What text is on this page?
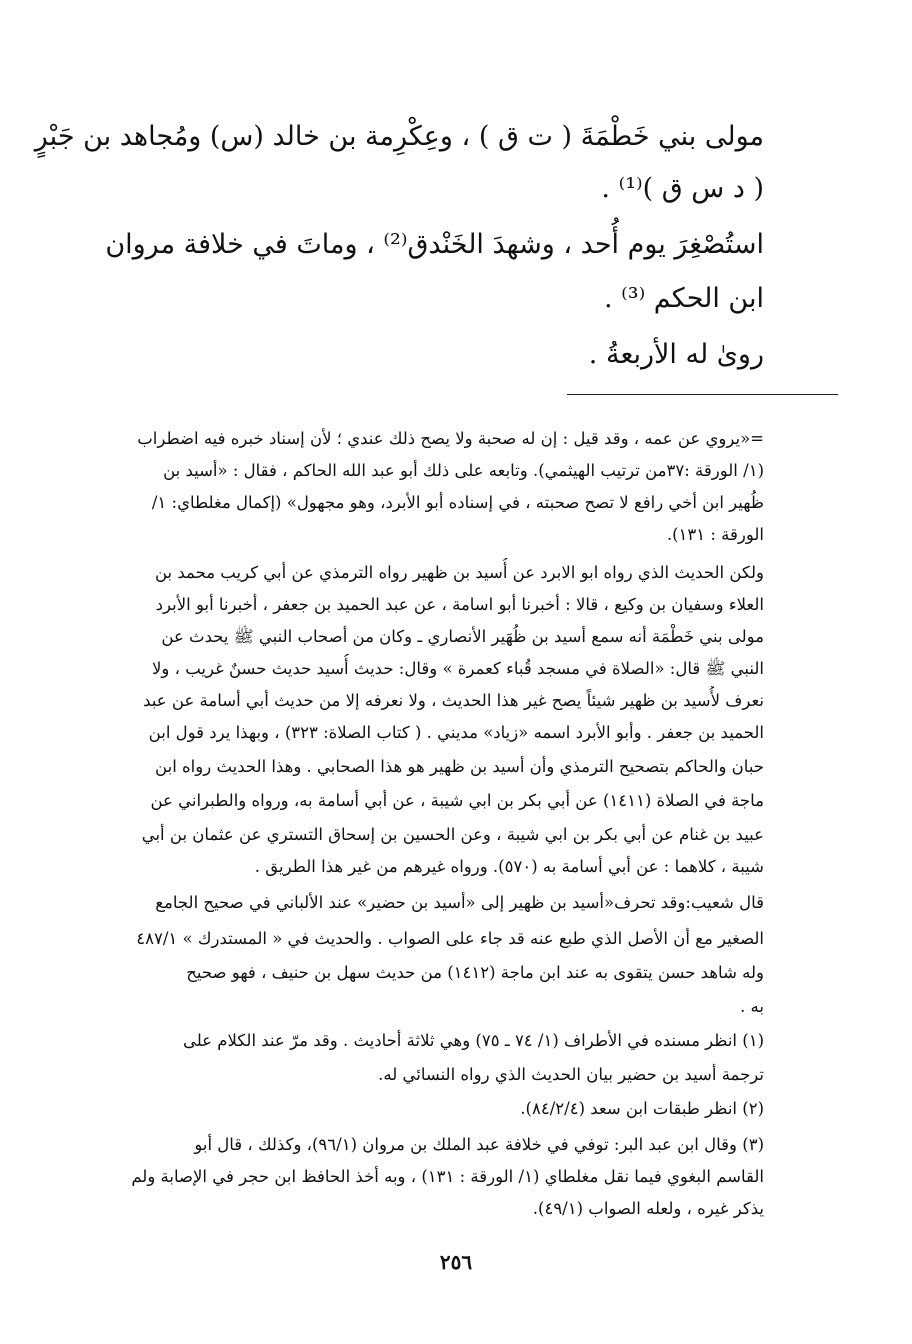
مولى بني خَطْمَةَ ( ت ق ) ، وعِكْرِمة بن خالد (س) ومُجاهد بن جَبْرٍ

( د س ق )⁽¹⁾ .

استُصْغِرَ يوم أُحد ، وشهدَ الخَنْدق⁽²⁾ ، وماتَ في خلافة مروان

ابن الحكم ⁽³⁾ .

روىٰ له الأربعةُ .

=«يروي عن عمه ، وقد قيل : إن له صحبة ولا يصح ذلك عندي ؛ لأن إسناد خبره فيه اضطراب
(١/ الورقة :٣٧من ترتيب الهيثمي). وتابعه على ذلك أبو عبد الله الحاكم ، فقال : «أسيد بن
ظُهير ابن أخي رافع لا تصح صحبته ، في إسناده أبو الأبرد، وهو مجهول» (إكمال مغلطاي: ١/
الورقة : ١٣١).
ولكن الحديث الذي رواه ابو الابرد عن أُسيد بن ظهير رواه الترمذي عن أبي كريب محمد بن
العلاء وسفيان بن وكيع ، قالا : أخبرنا أبو اسامة ، عن عبد الحميد بن جعفر ، أخبرنا أبو الأبرد
مولى بني خَطْمَة أنه سمع أسيد بن ظُهَير الأنصاري ـ وكان من أصحاب النبي ﷺ يحدث عن
النبي ﷺ قال: «الصلاة في مسجد قُباء كعمرة » وقال: حديث أُسيد حديث حسنٌ غريب ، ولا
نعرف لأُسيد بن ظهير شيئاً يصح غير هذا الحديث ، ولا نعرفه إلا من حديث أبي أسامة عن عبد
الحميد بن جعفر . وأبو الأبرد اسمه «زياد» مديني . ( كتاب الصلاة: ٣٢٣) ، وبهذا يرد قول ابن
حبان والحاكم بتصحيح الترمذي وأن أسيد بن ظهير هو هذا الصحابي . وهذا الحديث رواه ابن
ماجة في الصلاة (١٤١١) عن أبي بكر بن ابي شيبة ، عن أبي أسامة به، ورواه والطبراني عن
عبيد بن غنام عن أبي بكر بن ابي شيبة ، وعن الحسين بن إسحاق التستري عن عثمان بن أبي
شيبة ، كلاهما : عن أبي أسامة به (٥٧٠). ورواه غيرهم من غير هذا الطريق .
قال شعيب:وقد تحرف«أسيد بن ظهير إلى «أسيد بن حضير» عند الألباني في صحيح الجامع
الصغير مع أن الأصل الذي طبع عنه قد جاء على الصواب . والحديث في « المستدرك » ٤٨٧/١
وله شاهد حسن يتقوى به عند ابن ماجة (١٤١٢) من حديث سهل بن حنيف ، فهو صحيح
به .
(١) انظر مسنده في الأطراف (١/ ٧٤ ـ ٧٥) وهي ثلاثة أحاديث . وقد مرّ عند الكلام على
ترجمة أسيد بن حضير بيان الحديث الذي رواه النسائي له.
(٢) انظر طبقات ابن سعد (٨٤/٢/٤).
(٣) وقال ابن عبد البر: توفي في خلافة عبد الملك بن مروان (٩٦/١)، وكذلك ، قال أبو
القاسم البغوي فيما نقل مغلطاي (١/ الورقة : ١٣١) ، وبه أخذ الحافظ ابن حجر في الإصابة ولم
يذكر غيره ، ولعله الصواب (٤٩/١).
٢٥٦
